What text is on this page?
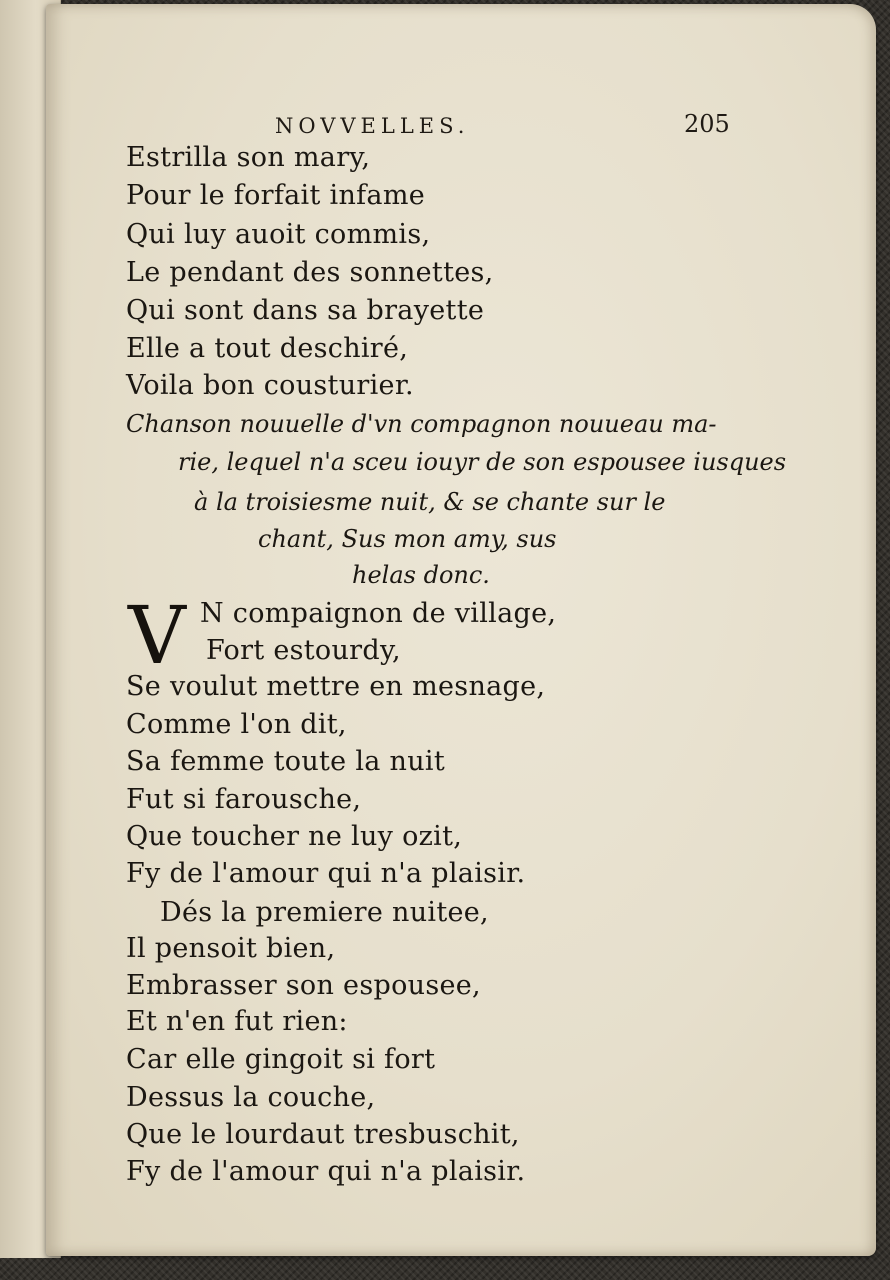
NOVVELLES.	205
Estrilla son mary,
Pour le forfait infame
Qui luy auoit commis,
Le pendant des sonnettes,
Qui sont dans sa brayette
Elle a tout deschiré,
Voila bon cousturier.
Chanson nouuelle d'vn compagnon nouueau ma-
rie, lequel n'a sceu iouyr de son espousee iusques
à la troisiesme nuit, & se chante sur le
chant, Sus mon amy, sus
helas donc.
V N compaignon de village,
Fort estourdy,
Se voulut mettre en mesnage,
Comme l'on dit,
Sa femme toute la nuit
Fut si farousche,
Que toucher ne luy ozit,
Fy de l'amour qui n'a plaisir.
Dés la premiere nuitee,
Il pensoit bien,
Embrasser son espousee,
Et n'en fut rien:
Car elle gingoit si fort
Dessus la couche,
Que le lourdaut tresbuschit,
Fy de l'amour qui n'a plaisir.
